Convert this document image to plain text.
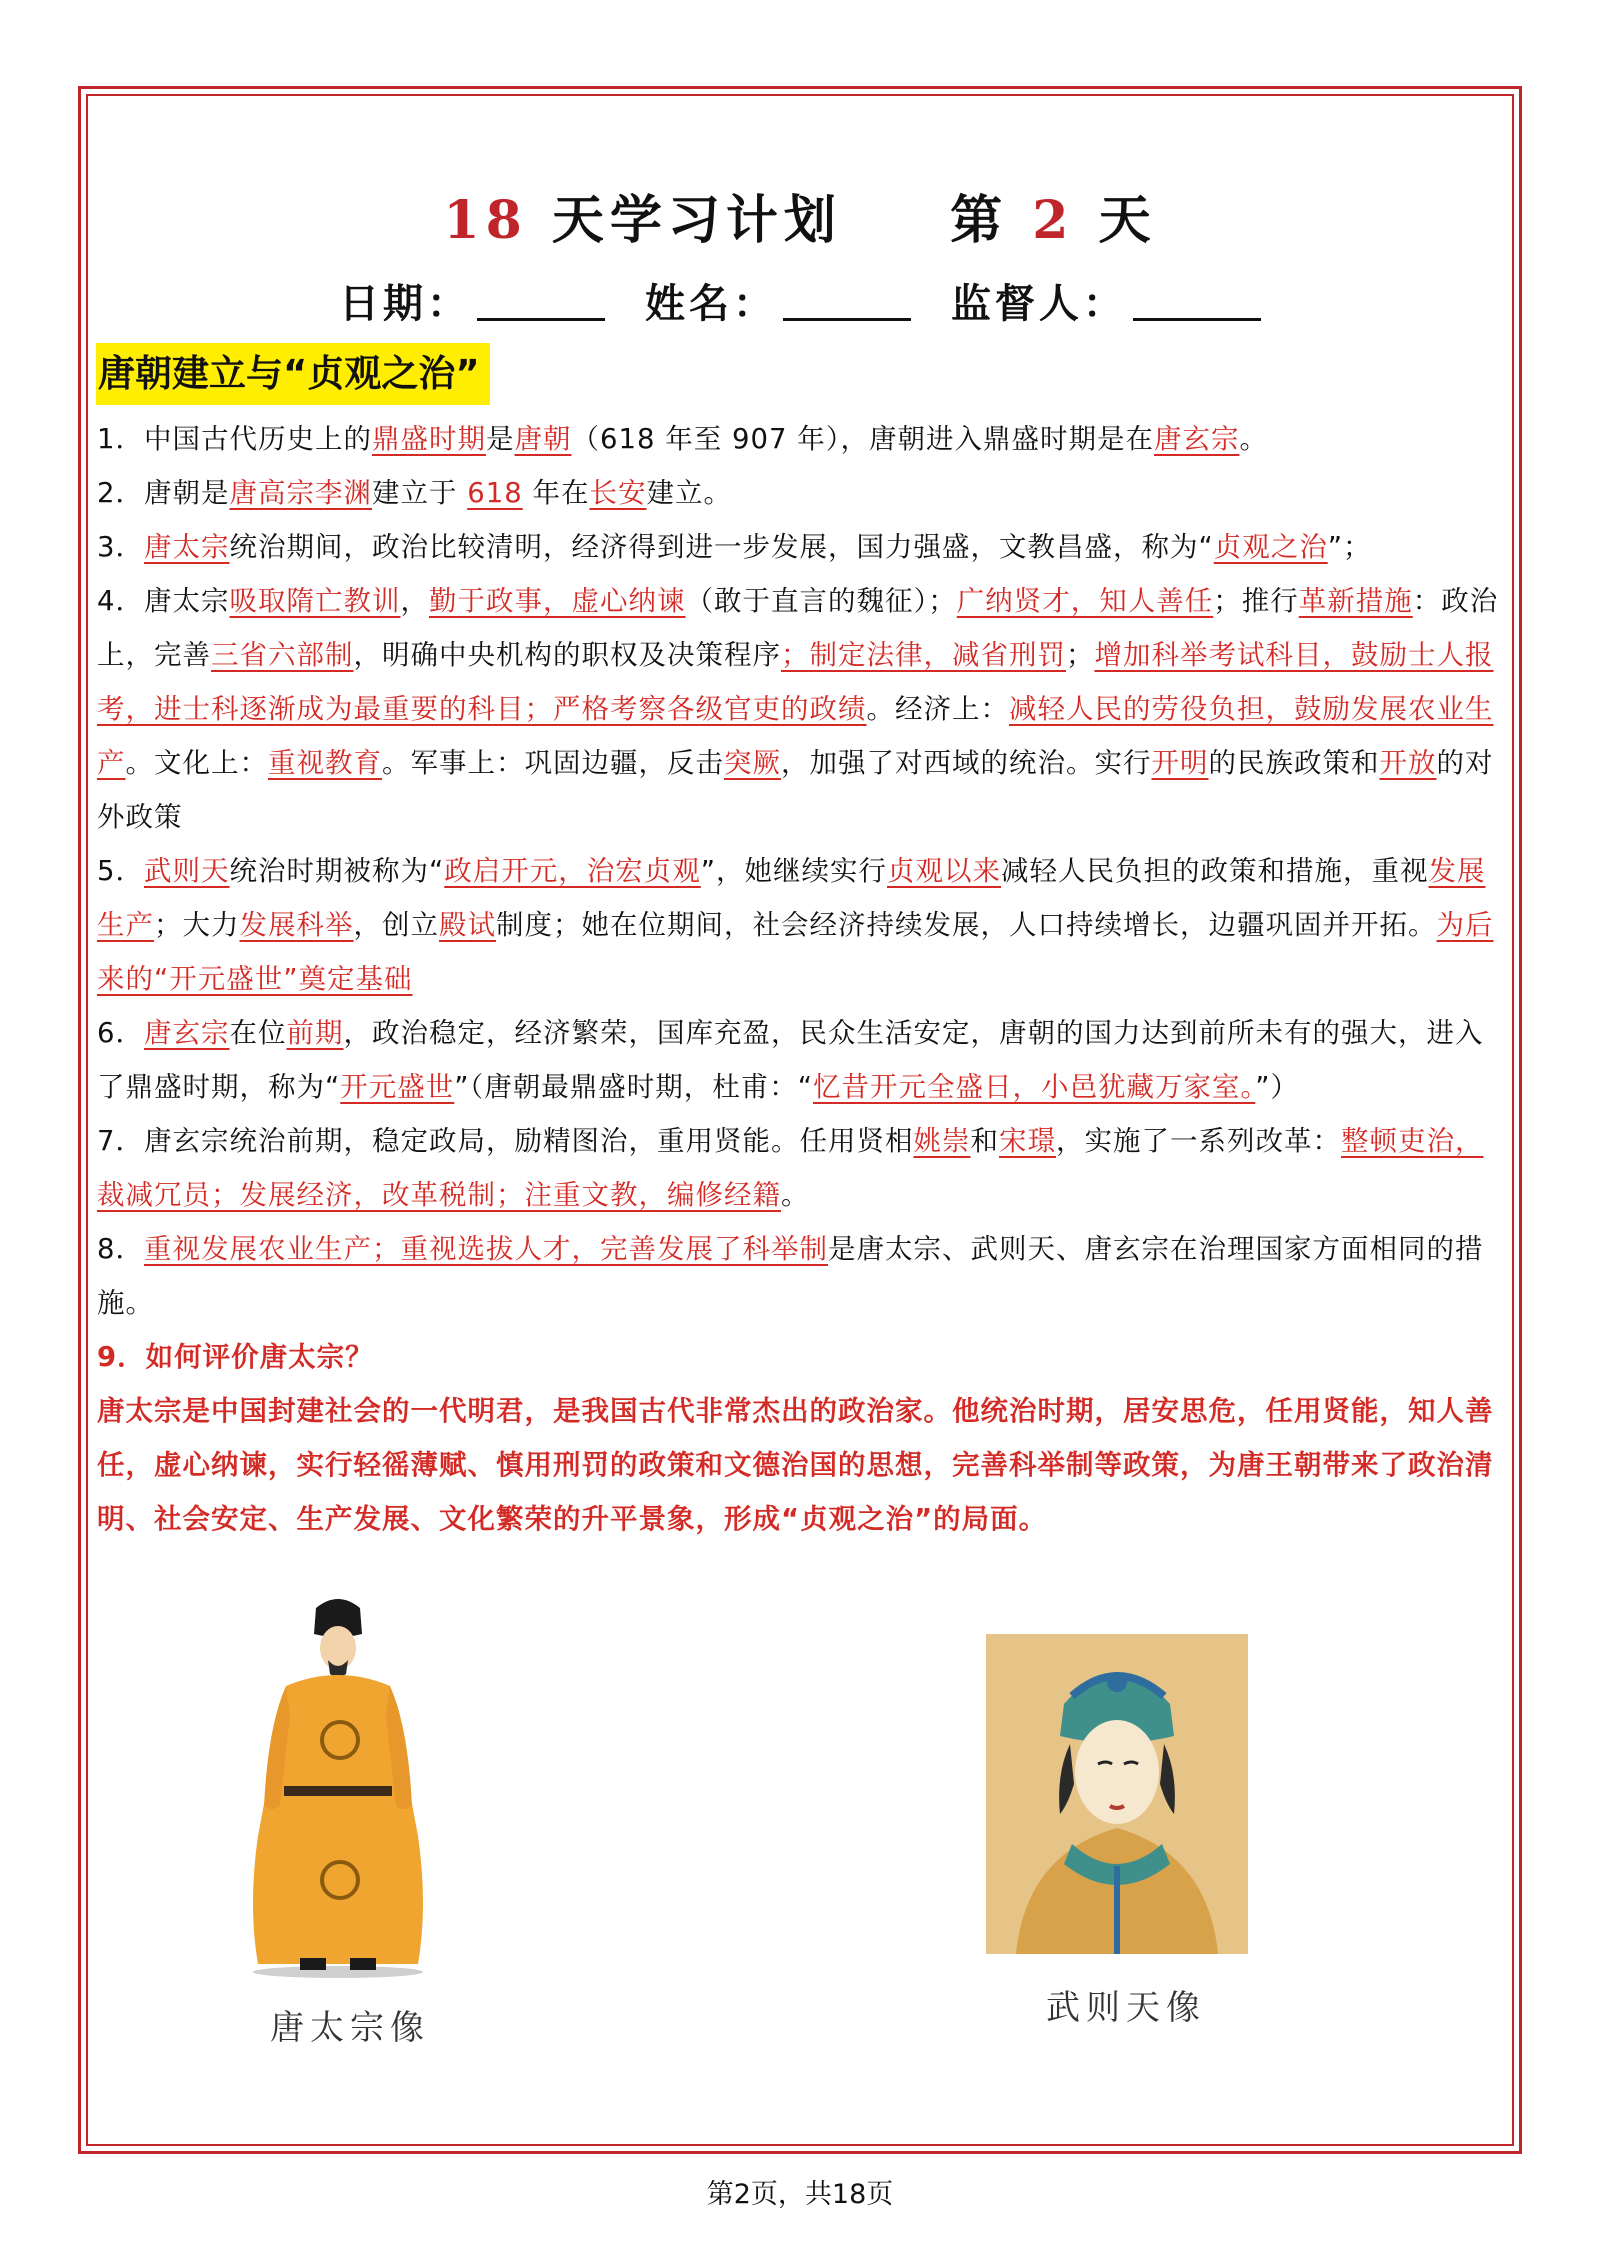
18 天学习计划 第 2 天
日期：	姓名：	监督人：
唐朝建立与“贞观之治”

1．中国古代历史上的鼎盛时期是唐朝（618 年至 907 年），唐朝进入鼎盛时期是在唐玄宗。

2．唐朝是唐高宗李渊建立于 618 年在长安建立。

3．唐太宗统治期间，政治比较清明，经济得到进一步发展，国力强盛，文教昌盛，称为“贞观之治”；

4．唐太宗吸取隋亡教训，勤于政事，虚心纳谏（敢于直言的魏征）；广纳贤才，知人善任；推行革新措施：政治上，完善三省六部制，明确中央机构的职权及决策程序；制定法律，减省刑罚；增加科举考试科目，鼓励士人报考，进士科逐渐成为最重要的科目；严格考察各级官吏的政绩。经济上：减轻人民的劳役负担，鼓励发展农业生产。文化上：重视教育。军事上：巩固边疆，反击突厥，加强了对西域的统治。实行开明的民族政策和开放的对外政策

5．武则天统治时期被称为“政启开元，治宏贞观”，她继续实行贞观以来减轻人民负担的政策和措施，重视发展生产；大力发展科举，创立殿试制度；她在位期间，社会经济持续发展，人口持续增长，边疆巩固并开拓。为后来的“开元盛世”奠定基础

6．唐玄宗在位前期，政治稳定，经济繁荣，国库充盈，民众生活安定，唐朝的国力达到前所未有的强大，进入了鼎盛时期，称为“开元盛世”（唐朝最鼎盛时期，杜甫：“忆昔开元全盛日，小邑犹藏万家室。”）

7．唐玄宗统治前期，稳定政局，励精图治，重用贤能。任用贤相姚崇和宋璟，实施了一系列改革：整顿吏治，裁减冗员；发展经济，改革税制；注重文教，编修经籍。

8．重视发展农业生产；重视选拔人才，完善发展了科举制是唐太宗、武则天、唐玄宗在治理国家方面相同的措施。

9．如何评价唐太宗？

唐太宗是中国封建社会的一代明君，是我国古代非常杰出的政治家。他统治时期，居安思危，任用贤能，知人善任，虚心纳谏，实行轻徭薄赋、慎用刑罚的政策和文德治国的思想，完善科举制等政策，为唐王朝带来了政治清明、社会安定、生产发展、文化繁荣的升平景象，形成“贞观之治”的局面。

唐太宗像	武则天像
第2页，共18页
